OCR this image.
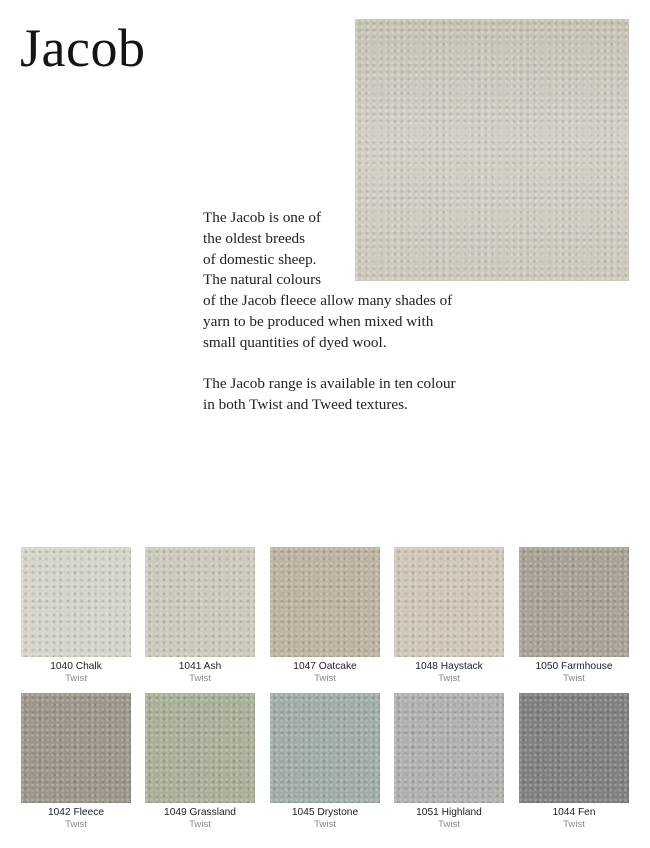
Jacob
The Jacob is one of
the oldest breeds
of domestic sheep.
The natural colours
of the Jacob fleece allow many shades of
yarn to be produced when mixed with
small quantities of dyed wool.
The Jacob range is available in ten colour
in both Twist and Tweed textures.
1040 Chalk
Twist
1041 Ash
Twist
1047 Oatcake
Twist
1048 Haystack
Twist
1050 Farmhouse
Twist
1042 Fleece
Twist
1049 Grassland
Twist
1045 Drystone
Twist
1051 Highland
Twist
1044 Fen
Twist
